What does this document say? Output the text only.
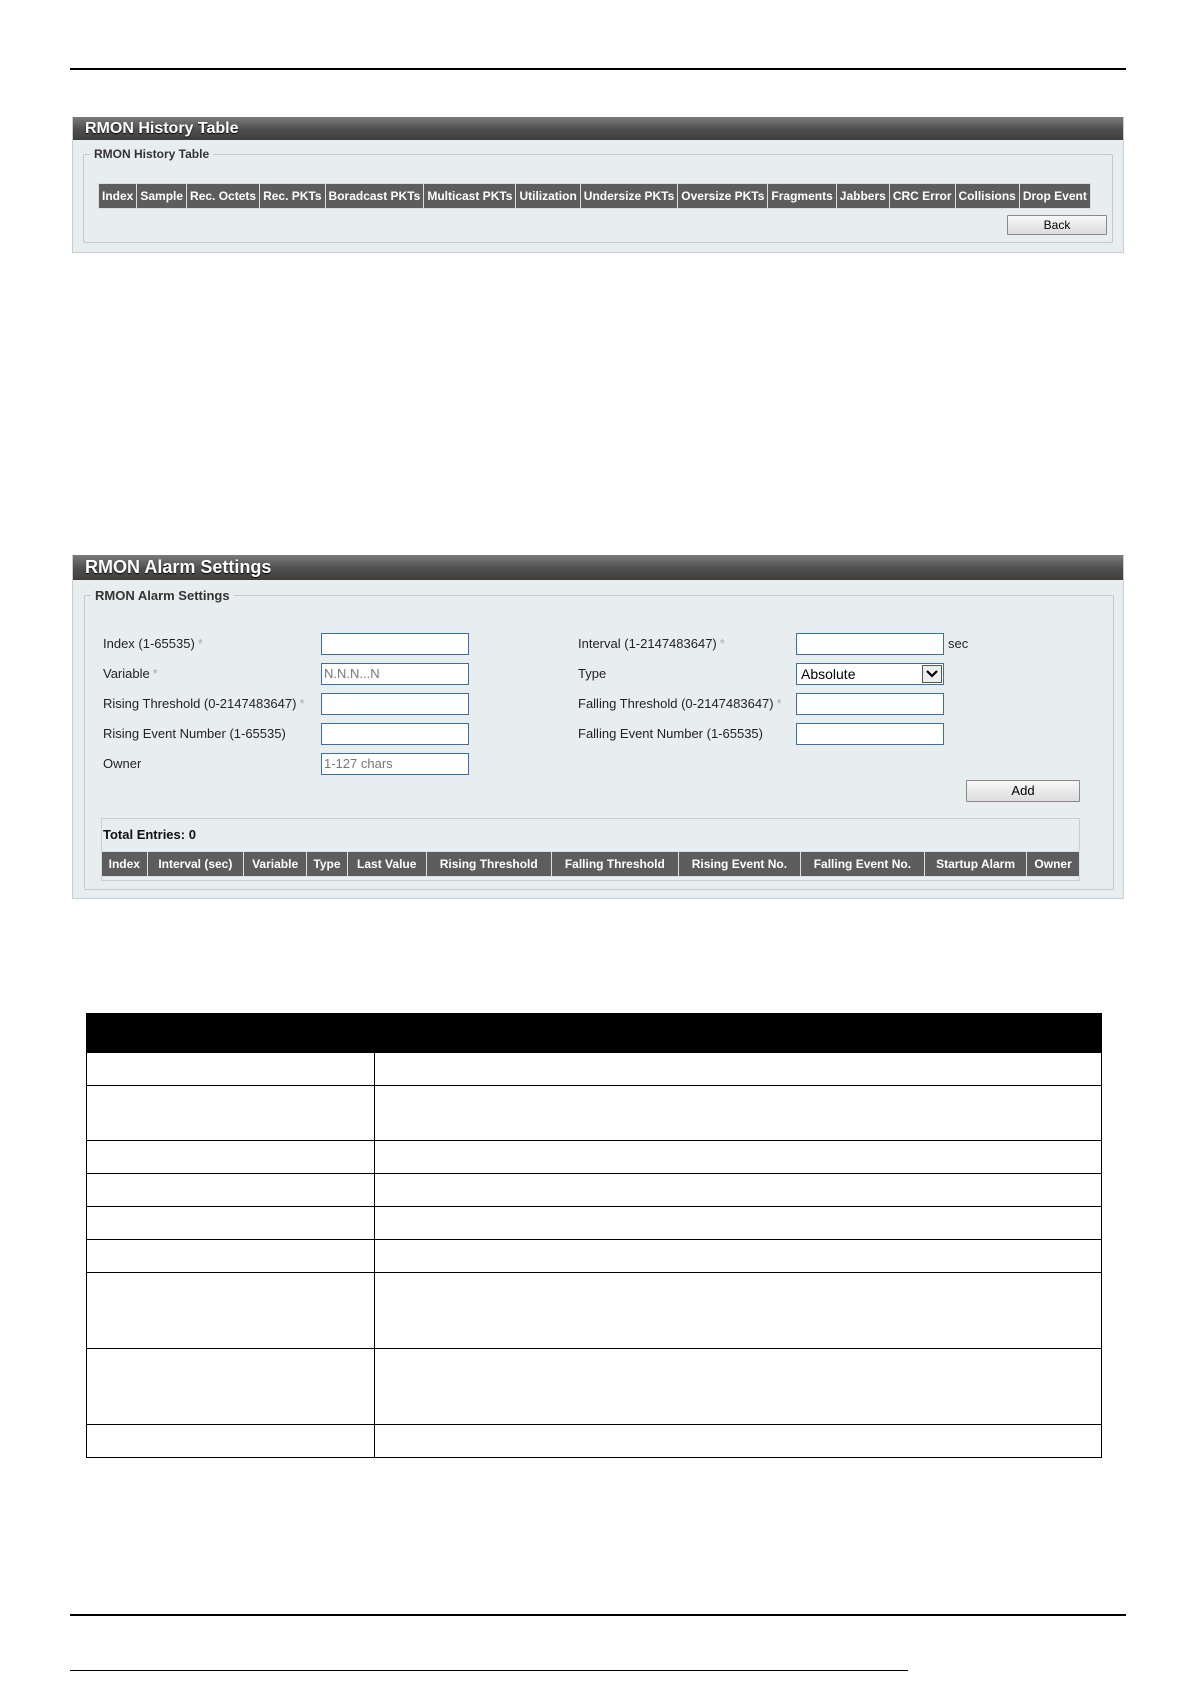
RMON History Table
RMON History Table
Index	Sample	Rec. Octets	Rec. PKTs	Boradcast PKTs	Multicast PKTs	Utilization	Undersize PKTs	Oversize PKTs	Fragments	Jabbers	CRC Error	Collisions	Drop Event
Back
RMON Alarm Settings
RMON Alarm Settings
Index (1-65535) *
Variable *	N.N.N...N
Rising Threshold (0-2147483647) *
Rising Event Number (1-65535)
Owner	1-127 chars
Interval (1-2147483647) *	sec
Type	Absolute
Falling Threshold (0-2147483647) *
Falling Event Number (1-65535)
Add
Total Entries: 0
Index	Interval (sec)	Variable	Type	Last Value	Rising Threshold	Falling Threshold	Rising Event No.	Falling Event No.	Startup Alarm	Owner
